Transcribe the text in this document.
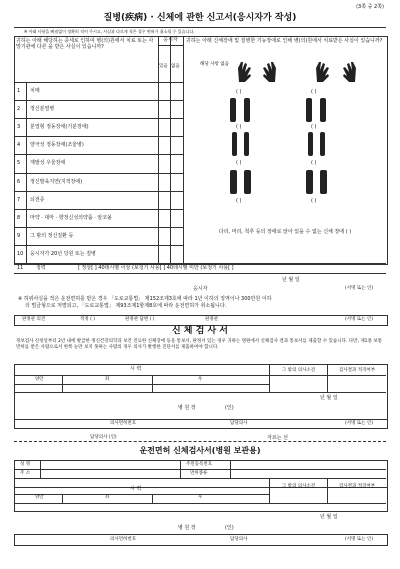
(3쪽 중 2쪽)
질병(疾病) · 신체에 관한 신고서(응시자가 작성)
※ 아래 사항을 빠짐없이 정확히 적어 주시고, 사실과 다르게 적은 경우 면허가 취소될 수 있습니다.
귀하는 아래 해당하는 증세로 인하여 병(의)원에서 치료 또는 사망기관에 다른 을 받은 사실이 있습니까?
응시자
있음 없음
귀하는 아래 신체장애 및 질병한 기능장애로 인해 병(의)원에서 치료받은 사실이 있습니까?
1 치매
2 정신분열병
3 분열형 정동장애(기분장애)
4 양극성 정동장애(조울병)
5 재발성 우울장애
6 정신발육지연(지적장애)
7 뇌전증
8 마약 · 대마 · 향정신성의약품 · 알코올
9 그 밖의 정신질환 등
10 응시자가 20년 당원 또는 질병
해당 사항 없음
( )	( )
( )	( )
( )	( )
( )	( )
다리, 머리, 척추 등의 장애로 앉아 있을 수 없는 신체 장애 ( )
11	청력	[ 정상[ ] 40데시벨 이상 (보청기 사용[ ] 40데시벨 미만 (보청기 사용[ ]
년 월 일
응시자	(서명 또는 인)
※ 허위사실을 적은 운전면허를 받은 경우 「도로교통법」 제152조제3호에 따라 1년 이하의 징역이나 300만원 이하
의 벌금형으로 처벌되고, 「도로교통법」 제93조제1항제8호에 따라 운전면허가 취소됩니다.
판정관 의견	적정 ( )	판정관 답변 ( )	판정관	(서명 또는 인)
신 체 검 사 서
정보검사 신청일부터 2년 내에 발급한 정신건강의학과 보건 진료한 신체장애 등을 통보서, 판정서 있는 경우 귀하는 병원에서 신체검사 결과 통보서를 제출할 수 있습니다. 다만, 제1종 보통면허를 받은 사람으로서 한쪽 눈만 보지 못하는 사람의 경우 의사가 발행한 진단서를 제출하여야 합니다.
시 력
양안	좌	우
그 밖의 의사소견	검사결과 적격여부
년 월 일
병 원 장	(인)
의사면허번호	담당의사	(서명 또는 인)
담당의사 (인)	자르는 선
운전면허 신체검사서(병원 보관용)
성 명	주민등록번호
주 소	면허종류
시 력
양안	좌	우
그 밖의 의사소견	검사결과 적격여부
년 월 일
병 원 장	(인)
의사면허번호	담당의사	(서명 또는 인)
